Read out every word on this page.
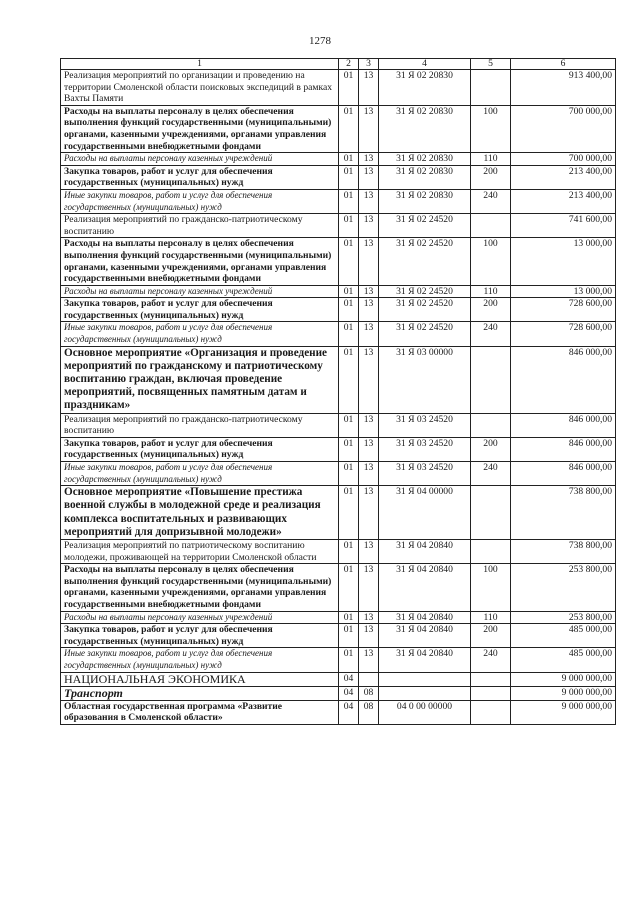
1278
1	2	3	4	5	6
Реализация мероприятий по организации и проведению на территории Смоленской области поисковых экспедиций в рамках Вахты Памяти	01	13	31 Я 02 20830		913 400,00
Расходы на выплаты персоналу в целях обеспечения выполнения функций государственными (муниципальными) органами, казенными учреждениями, органами управления государственными внебюджетными фондами	01	13	31 Я 02 20830	100	700 000,00
Расходы на выплаты персоналу казенных учреждений	01	13	31 Я 02 20830	110	700 000,00
Закупка товаров, работ и услуг для обеспечения государственных (муниципальных) нужд	01	13	31 Я 02 20830	200	213 400,00
Иные закупки товаров, работ и услуг для обеспечения государственных (муниципальных) нужд	01	13	31 Я 02 20830	240	213 400,00
Реализация мероприятий по гражданско-патриотическому воспитанию	01	13	31 Я 02 24520		741 600,00
Расходы на выплаты персоналу в целях обеспечения выполнения функций государственными (муниципальными) органами, казенными учреждениями, органами управления государственными внебюджетными фондами	01	13	31 Я 02 24520	100	13 000,00
Расходы на выплаты персоналу казенных учреждений	01	13	31 Я 02 24520	110	13 000,00
Закупка товаров, работ и услуг для обеспечения государственных (муниципальных) нужд	01	13	31 Я 02 24520	200	728 600,00
Иные закупки товаров, работ и услуг для обеспечения государственных (муниципальных) нужд	01	13	31 Я 02 24520	240	728 600,00
Основное мероприятие «Организация и проведение мероприятий по гражданскому и патриотическому воспитанию граждан, включая проведение мероприятий, посвященных памятным датам и праздникам»	01	13	31 Я 03 00000		846 000,00
Реализация мероприятий по гражданско-патриотическому воспитанию	01	13	31 Я 03 24520		846 000,00
Закупка товаров, работ и услуг для обеспечения государственных (муниципальных) нужд	01	13	31 Я 03 24520	200	846 000,00
Иные закупки товаров, работ и услуг для обеспечения государственных (муниципальных) нужд	01	13	31 Я 03 24520	240	846 000,00
Основное мероприятие «Повышение престижа военной службы в молодежной среде и реализация комплекса воспитательных и развивающих мероприятий для допризывной молодежи»	01	13	31 Я 04 00000		738 800,00
Реализация мероприятий по патриотическому воспитанию молодежи, проживающей на территории Смоленской области	01	13	31 Я 04 20840		738 800,00
Расходы на выплаты персоналу в целях обеспечения выполнения функций государственными (муниципальными) органами, казенными учреждениями, органами управления государственными внебюджетными фондами	01	13	31 Я 04 20840	100	253 800,00
Расходы на выплаты персоналу казенных учреждений	01	13	31 Я 04 20840	110	253 800,00
Закупка товаров, работ и услуг для обеспечения государственных (муниципальных) нужд	01	13	31 Я 04 20840	200	485 000,00
Иные закупки товаров, работ и услуг для обеспечения государственных (муниципальных) нужд	01	13	31 Я 04 20840	240	485 000,00
НАЦИОНАЛЬНАЯ ЭКОНОМИКА	04				9 000 000,00
Транспорт	04	08			9 000 000,00
Областная государственная программа «Развитие образования в Смоленской области»	04	08	04 0 00 00000		9 000 000,00
